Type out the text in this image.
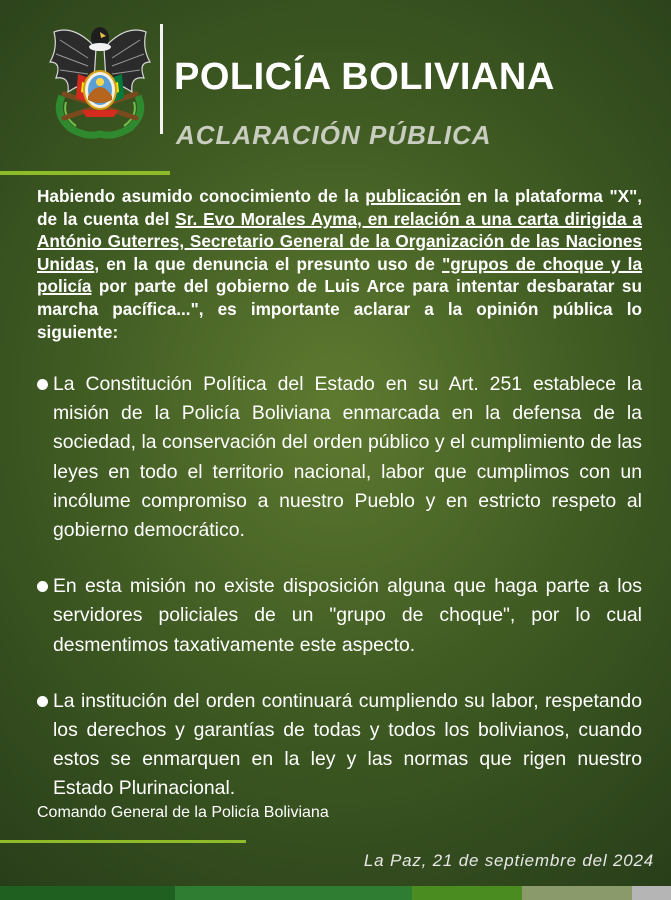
POLICÍA BOLIVIANA
ACLARACIÓN PÚBLICA
Habiendo asumido conocimiento de la publicación en la plataforma "X", de la cuenta del Sr. Evo Morales Ayma, en relación a una carta dirigida a António Guterres, Secretario General de la Organización de las Naciones Unidas, en la que denuncia el presunto uso de "grupos de choque y la policía por parte del gobierno de Luis Arce para intentar desbaratar su marcha pacífica...", es importante aclarar a la opinión pública lo siguiente:
La Constitución Política del Estado en su Art. 251 establece la misión de la Policía Boliviana enmarcada en la defensa de la sociedad, la conservación del orden público y el cumplimiento de las leyes en todo el territorio nacional, labor que cumplimos con un incólume compromiso a nuestro Pueblo y en estricto respeto al gobierno democrático.
En esta misión no existe disposición alguna que haga parte a los servidores policiales de un "grupo de choque", por lo cual desmentimos taxativamente este aspecto.
La institución del orden continuará cumpliendo su labor, respetando los derechos y garantías de todas y todos los bolivianos, cuando estos se enmarquen en la ley y las normas que rigen nuestro Estado Plurinacional.
Comando General de la Policía Boliviana
La Paz, 21 de septiembre del 2024
